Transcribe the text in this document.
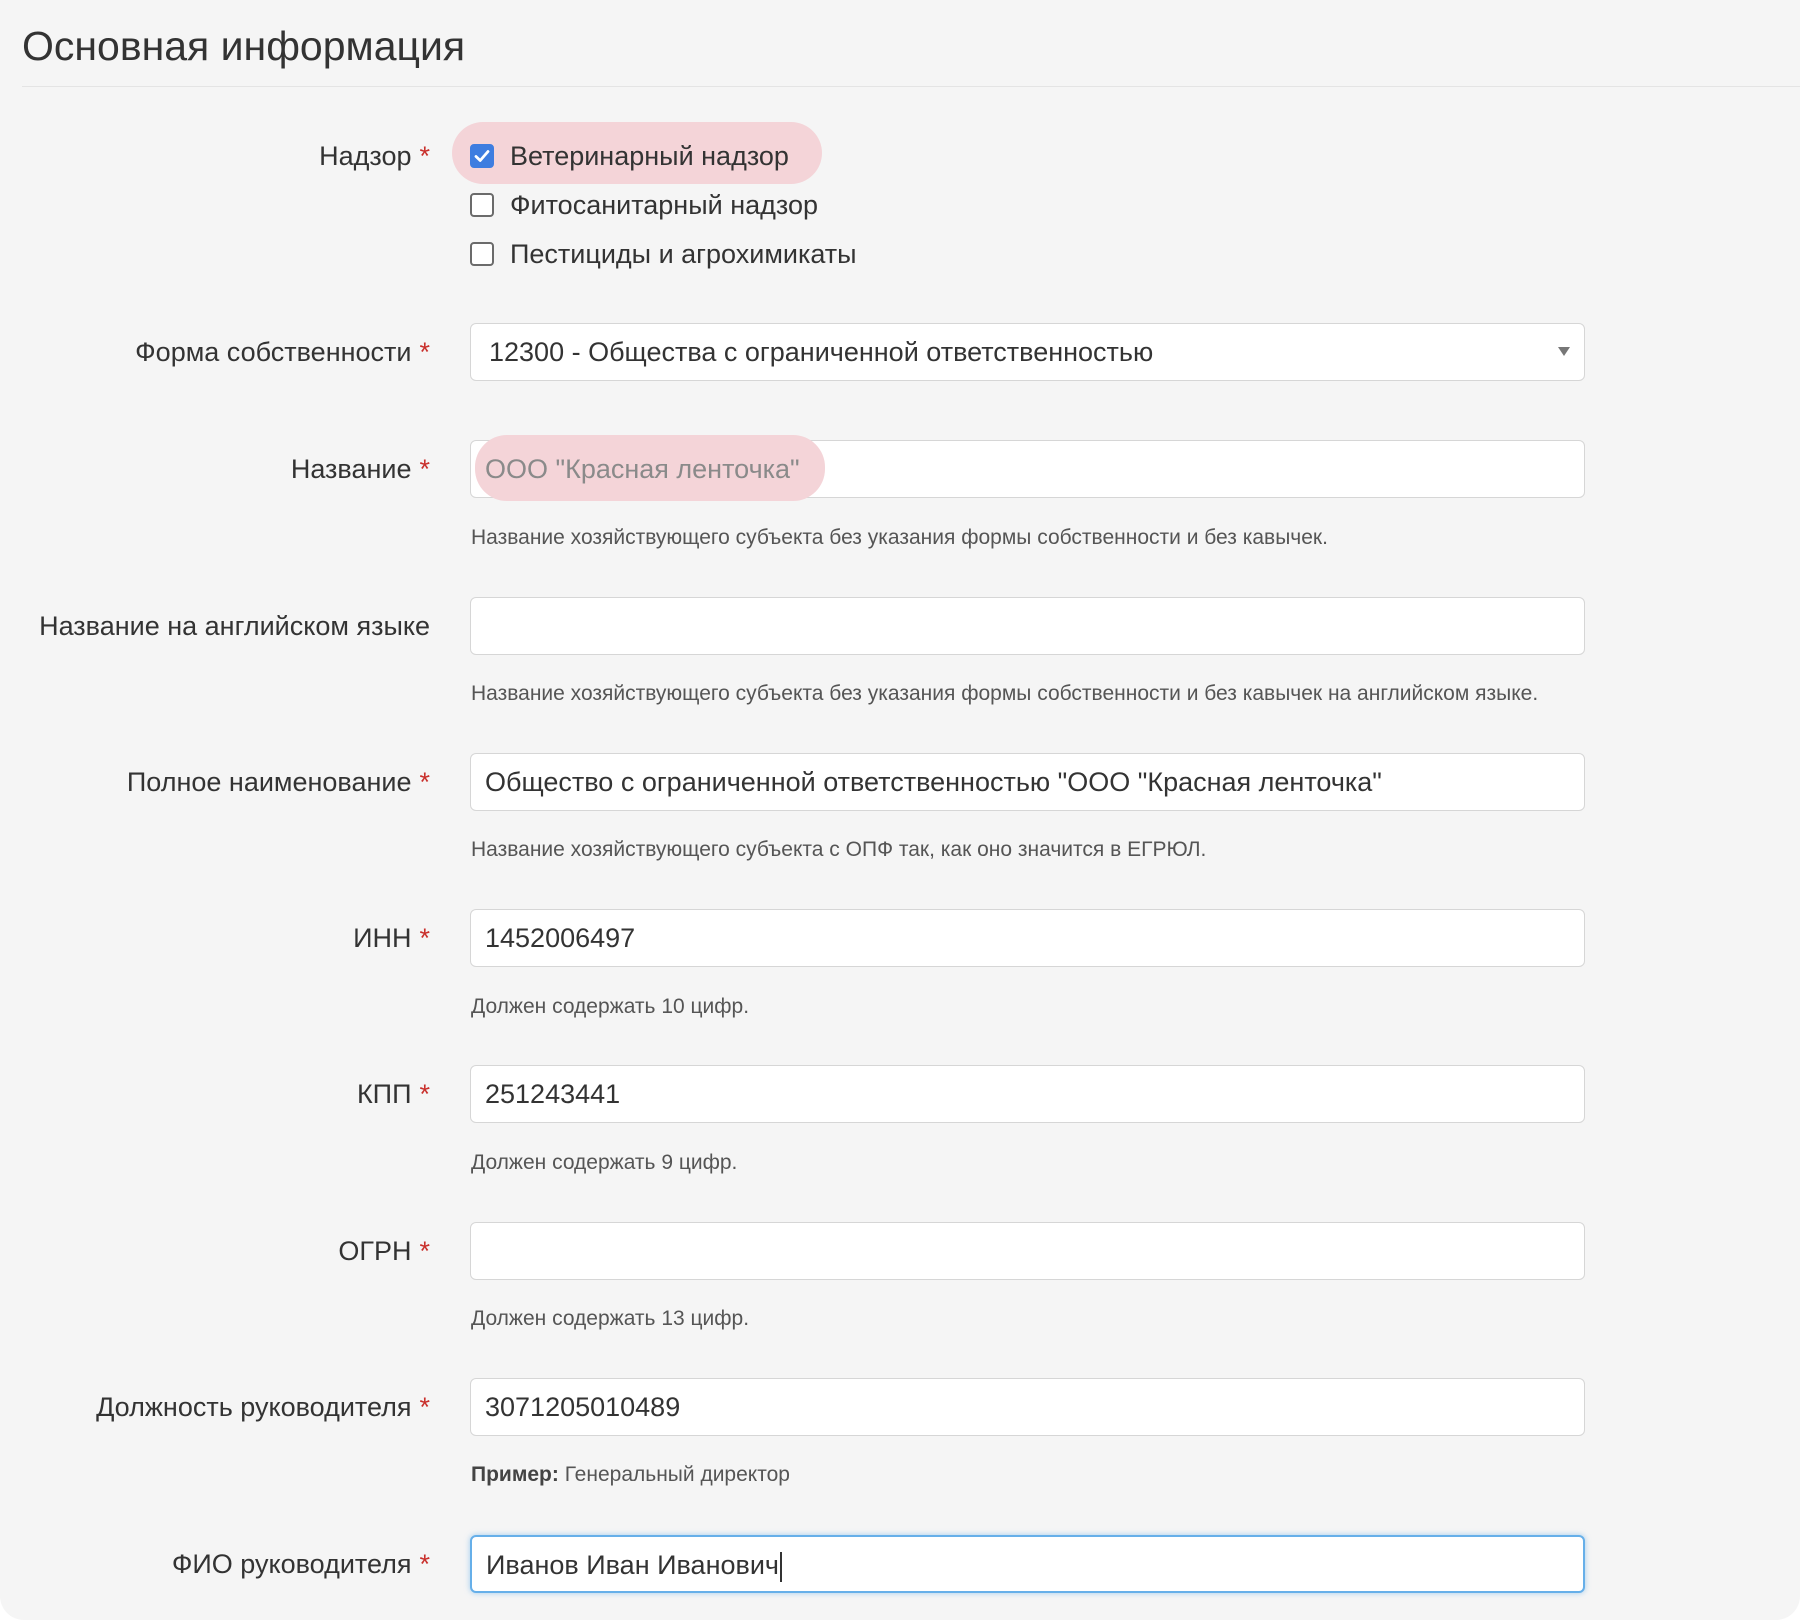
Основная информация
Надзор *	Ветеринарный надзор
Фитосанитарный надзор
Пестициды и агрохимикаты
Форма собственности * 12300 - Общества с ограниченной ответственностью
Название * ООО "Красная ленточка"
Название хозяйствующего субъекта без указания формы собственности и без кавычек.
Название на английском языке
Название хозяйствующего субъекта без указания формы собственности и без кавычек на английском языке.
Полное наименование * Общество с ограниченной ответственностью "ООО "Красная ленточка"
Название хозяйствующего субъекта с ОПФ так, как оно значится в ЕГРЮЛ.
ИНН * 1452006497
Должен содержать 10 цифр.
КПП * 251243441
Должен содержать 9 цифр.
ОГРН *
Должен содержать 13 цифр.
Должность руководителя * 3071205010489
Пример: Генеральный директор
ФИО руководителя * Иванов Иван Иванович
